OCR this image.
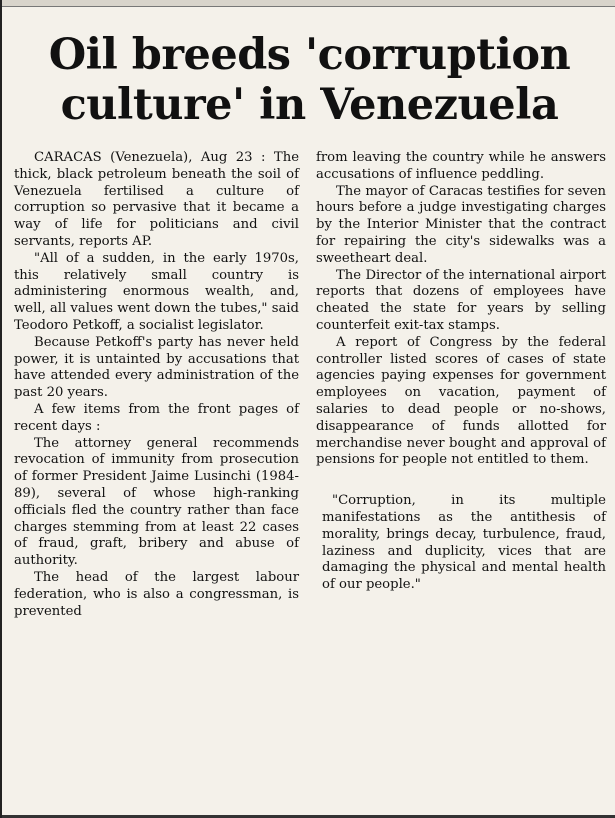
Oil breeds 'corruption
culture' in Venezuela

CARACAS (Venezuela), Aug 23 : The thick, black petroleum beneath the soil of Venezuela fertilised a culture of corruption so pervasive that it became a way of life for politicians and civil servants, reports AP.

"All of a sudden, in the early 1970s, this relatively small country is administering enormous wealth, and, well, all values went down the tubes," said Teodoro Petkoff, a socialist legislator.

Because Petkoff's party has never held power, it is untainted by accusations that have attended every administration of the past 20 years.

A few items from the front pages of recent days :

The attorney general recommends revocation of immunity from prosecution of former President Jaime Lusinchi (1984-89), several of whose high-ranking officials fled the country rather than face charges stemming from at least 22 cases of fraud, graft, bribery and abuse of authority.

The head of the largest labour federation, who is also a congressman, is prevented

from leaving the country while he answers accusations of influence peddling.

The mayor of Caracas testifies for seven hours before a judge investigating charges by the Interior Minister that the contract for repairing the city's sidewalks was a sweetheart deal.

The Director of the international airport reports that dozens of employees have cheated the state for years by selling counterfeit exit-tax stamps.

A report of Congress by the federal controller listed scores of cases of state agencies paying expenses for government employees on vacation, payment of salaries to dead people or no-shows, disappearance of funds allotted for merchandise never bought and approval of pensions for people not entitled to them.

"Corruption, in its multiple manifestations as the antithesis of morality, brings decay, turbulence, fraud, laziness and duplicity, vices that are damaging the physical and mental health of our people."
